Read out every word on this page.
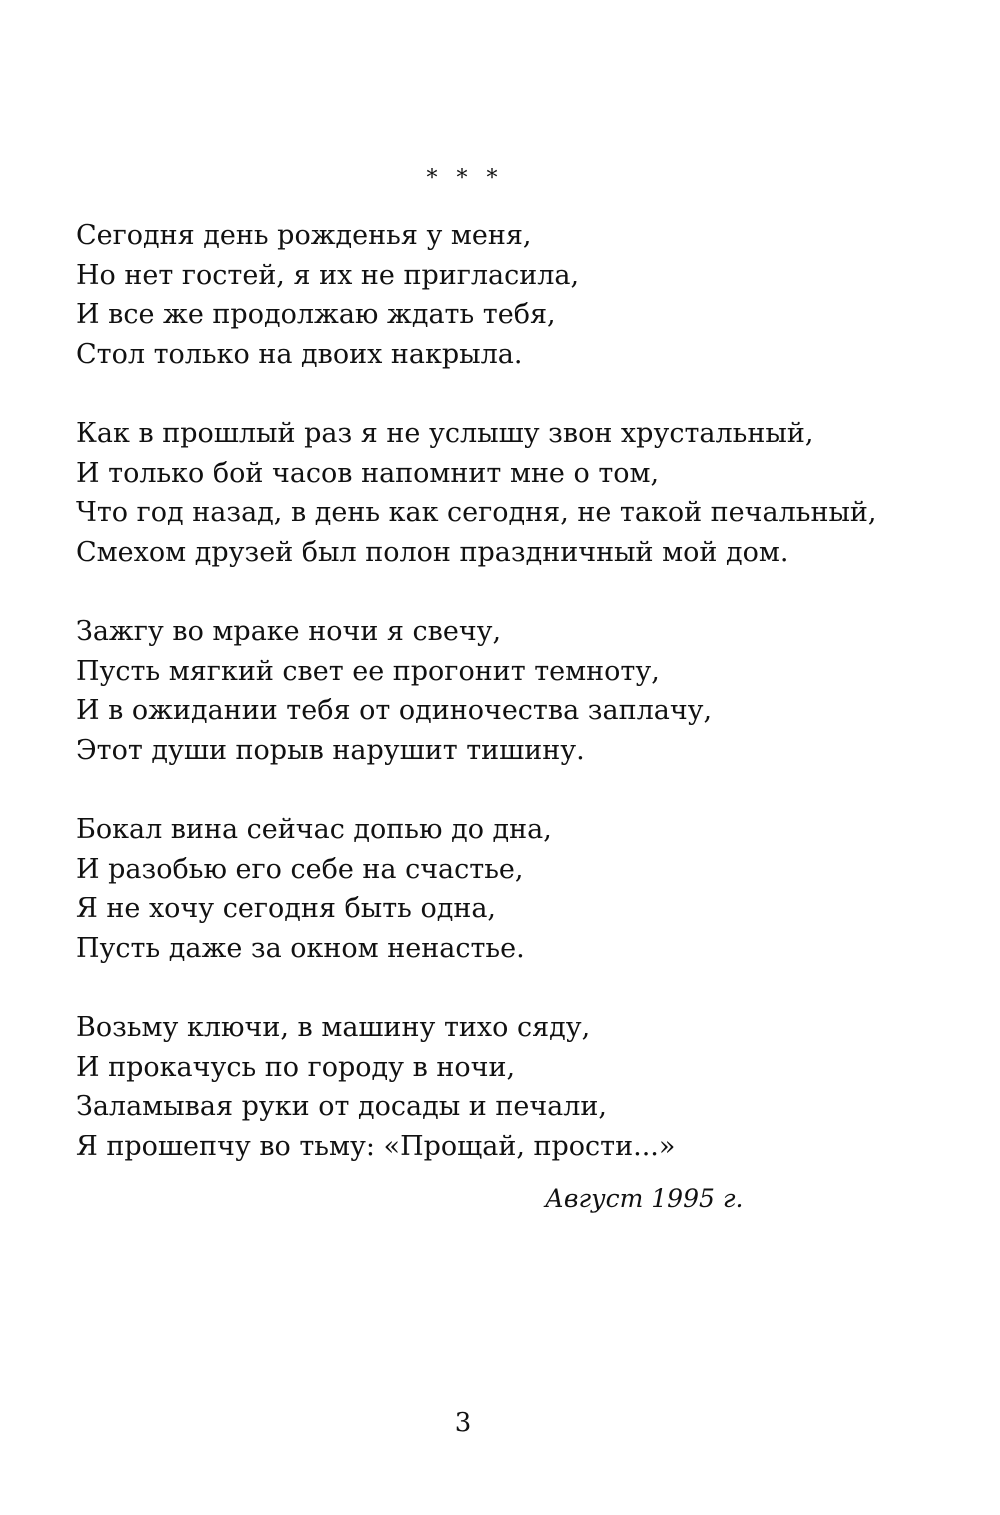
* * *
Сегодня день рожденья у меня,
Но нет гостей, я их не пригласила,
И все же продолжаю ждать тебя,
Стол только на двоих накрыла.
Как в прошлый раз я не услышу звон хрустальный,
И только бой часов напомнит мне о том,
Что год назад, в день как сегодня, не такой печальный,
Смехом друзей был полон праздничный мой дом.
Зажгу во мраке ночи я свечу,
Пусть мягкий свет ее прогонит темноту,
И в ожидании тебя от одиночества заплачу,
Этот души порыв нарушит тишину.
Бокал вина сейчас допью до дна,
И разобью его себе на счастье,
Я не хочу сегодня быть одна,
Пусть даже за окном ненастье.
Возьму ключи, в машину тихо сяду,
И прокачусь по городу в ночи,
Заламывая руки от досады и печали,
Я прошепчу во тьму: «Прощай, прости...»
Август 1995 г.
3
